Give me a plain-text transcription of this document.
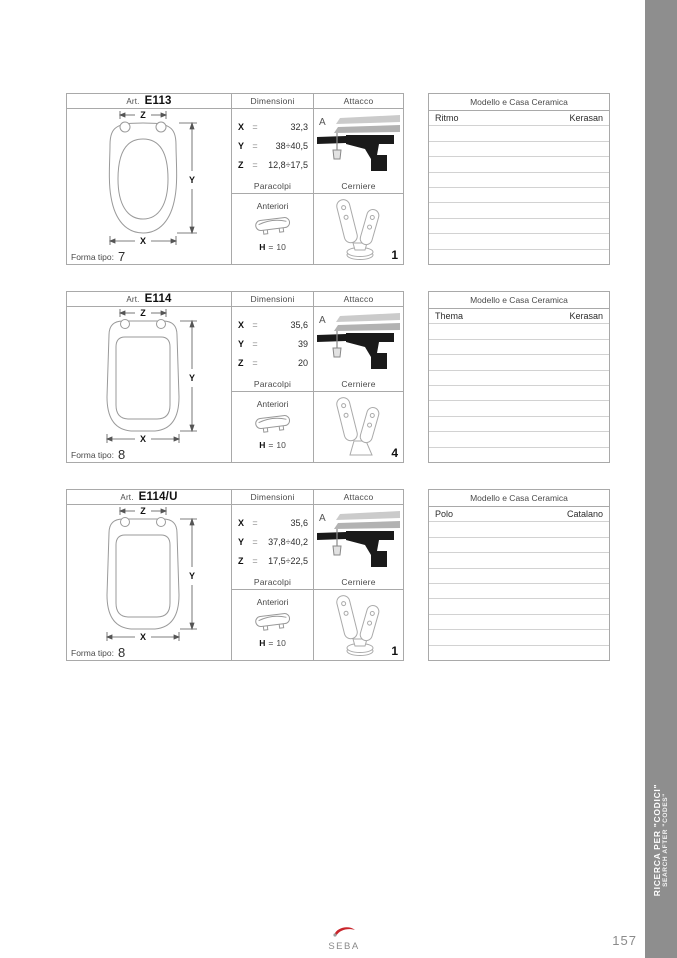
Art. E113
Z
Y
X
Forma tipo: 7
Dimensioni
X =	32,3
Y =	38÷40,5
Z =	12,8÷17,5
Paracolpi
Anteriori
H = 10
Attacco
A
Cerniere
1
Modello e Casa Ceramica
Ritmo	Kerasan
Art. E114
Z
Y
X
Forma tipo: 8
Dimensioni
X =	35,6
Y =	39
Z =	20
Paracolpi
Anteriori
H = 10
Attacco
A
Cerniere
4
Modello e Casa Ceramica
Thema	Kerasan
Art. E114/U
Z
Y
X
Forma tipo: 8
Dimensioni
X =	35,6
Y =	37,8÷40,2
Z =	17,5÷22,5
Paracolpi
Anteriori
H = 10
Attacco
A
Cerniere
1
Modello e Casa Ceramica
Polo	Catalano
RICERCA PER "CODICI" SEARCH AFTER "CODES"
SEBA	157
